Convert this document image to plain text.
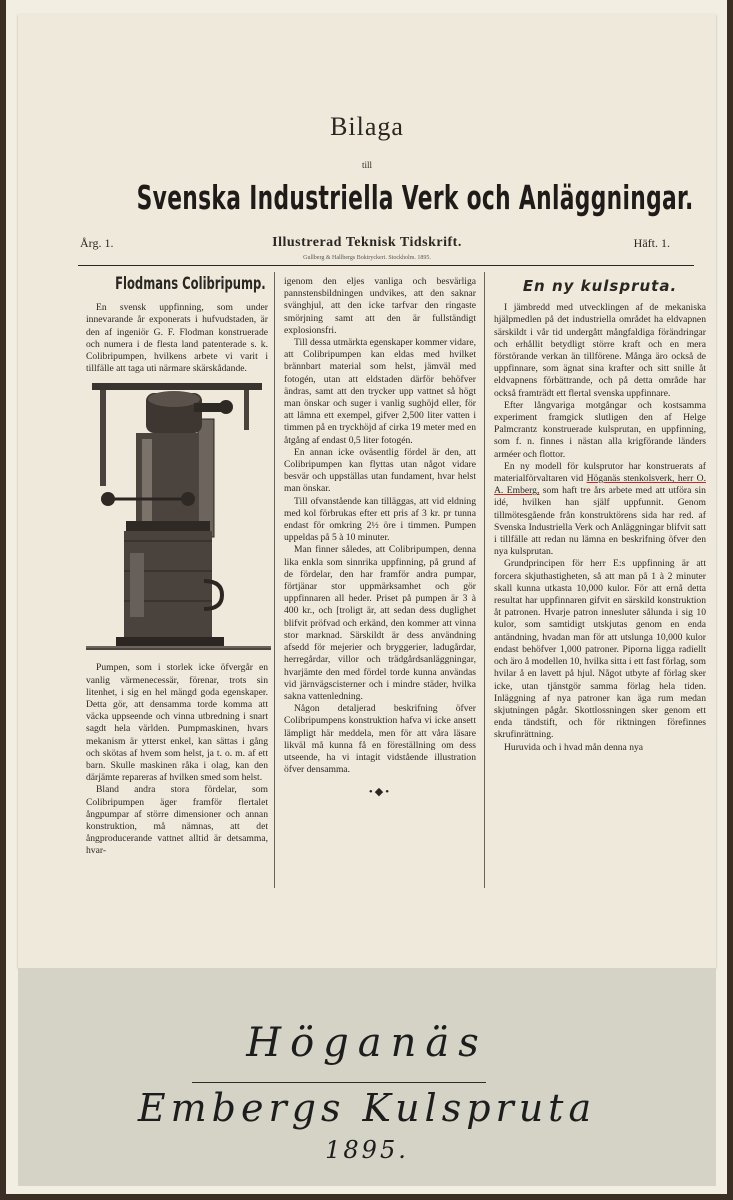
Bilaga
till
Svenska Industriella Verk och Anläggningar.
Årg. 1.	Illustrerad Teknisk Tidskrift.	Häft. 1.
Gullberg & Hallbergs Boktryckeri. Stockholm. 1895.
Flodmans Colibripump.

En svensk uppfinning, som under innevarande år exponerats i hufvudstaden, är den af ingeniör G. F. Flodman konstruerade och numera i de flesta land patenterade s. k. Colibripumpen, hvilkens arbete vi varit i tillfälle att taga uti närmare skärskådande.

Pumpen, som i storlek icke öfvergår en vanlig värmenecessär, förenar, trots sin litenhet, i sig en hel mängd goda egenskaper. Detta gör, att densamma torde komma att väcka uppseende och vinna utbredning i snart sagdt hela världen. Pumpmaskinen, hvars mekanism är ytterst enkel, kan sättas i gång och skötas af hvem som helst, ja t. o. m. af ett barn. Skulle maskinen råka i olag, kan den därjämte repareras af hvilken smed som helst.

Bland andra stora fördelar, som Colibripumpen äger framför flertalet ångpumpar af större dimensioner och annan konstruktion, må nämnas, att det ångproducerande vattnet alltid är detsamma, hvar-

igenom den eljes vanliga och besvärliga pannstensbildningen undvikes, att den saknar svänghjul, att den icke tarfvar den ringaste smörjning samt att den är fullständigt explosionsfri.

Till dessa utmärkta egenskaper kommer vidare, att Colibripumpen kan eldas med hvilket brännbart material som helst, jämväl med fotogén, utan att eldstaden därför behöfver ändras, samt att den trycker upp vattnet så högt man önskar och suger i vanlig sughöjd eller, för att lämna ett exempel, gifver 2,500 liter vatten i timmen på en tryckhöjd af cirka 19 meter med en åtgång af endast 0,5 liter fotogén.

En annan icke oväsentlig fördel är den, att Colibripumpen kan flyttas utan något vidare besvär och uppställas utan fundament, hvar helst man önskar.

Till ofvanstående kan tilläggas, att vid eldning med kol förbrukas efter ett pris af 3 kr. pr tunna endast för omkring 2½ öre i timmen. Pumpen uppeldas på 5 à 10 minuter.

Man finner således, att Colibripumpen, denna lika enkla som sinnrika uppfinning, på grund af de fördelar, den har framför andra pumpar, förtjänar stor uppmärksamhet och gör uppfinnaren all heder. Priset på pumpen är 3 à 400 kr., och [troligt är, att sedan dess duglighet blifvit pröfvad och erkänd, den kommer att vinna stor marknad. Särskildt är dess användning afsedd för mejerier och bryggerier, ladugårdar, herregårdar, villor och trädgårdsanläggningar, hvarjämte den med fördel torde kunna användas vid järnvägscisterner och i mindre städer, hvilka sakna vattenledning.

Någon detaljerad beskrifning öfver Colibripumpens konstruktion hafva vi icke ansett lämpligt här meddela, men för att våra läsare likväl må kunna få en föreställning om dess utseende, ha vi intagit vidstående illustration öfver densamma.

•◆•
En ny kulspruta.

I jämbredd med utvecklingen af de mekaniska hjälpmedlen på det industriella området ha eldvapnen särskildt i vår tid undergått mångfaldiga förändringar och erhållit betydligt större kraft och en mera förstörande verkan än tillförene. Många äro också de uppfinnare, som ägnat sina krafter och sitt snille åt eldvapnens förbättrande, och på detta område har också framträdt ett flertal svenska uppfinnare.

Efter långvariga motgångar och kostsamma experiment framgick slutligen den af Helge Palmcrantz konstruerade kulsprutan, en uppfinning, som f. n. finnes i nästan alla krigförande länders arméer och flottor.

En ny modell för kulsprutor har konstruerats af materialförvaltaren vid Höganäs stenkolsverk, herr O. A. Emberg, som haft tre års arbete med att utföra sin idé, hvilken han själf uppfunnit. Genom tillmötesgående från konstruktörens sida har red. af Svenska Industriella Verk och Anläggningar blifvit satt i tillfälle att redan nu lämna en beskrifning öfver den nya kulsprutan.

Grundprincipen för herr E:s uppfinning är att forcera skjuthastigheten, så att man på 1 à 2 minuter skall kunna utkasta 10,000 kulor. För att ernå detta resultat har uppfinnaren gifvit en särskild konstruktion åt patronen. Hvarje patron innesluter sålunda i sig 10 kulor, som samtidigt utskjutas genom en enda antändning, hvadan man för att utslunga 10,000 kulor endast behöfver 1,000 patroner. Piporna ligga radiellt och äro å modellen 10, hvilka sitta i ett fast förlag, som hvilar å en lavett på hjul. Något utbyte af förlag sker icke, utan tjänstgör samma förlag hela tiden. Inläggning af nya patroner kan äga rum medan skjutningen pågår. Skottlossningen sker genom ett enda tändstift, och för riktningen förefinnes skrufinrättning.

Huruvida och i hvad mån denna nya

Höganäs
Embergs Kulspruta
1895.
